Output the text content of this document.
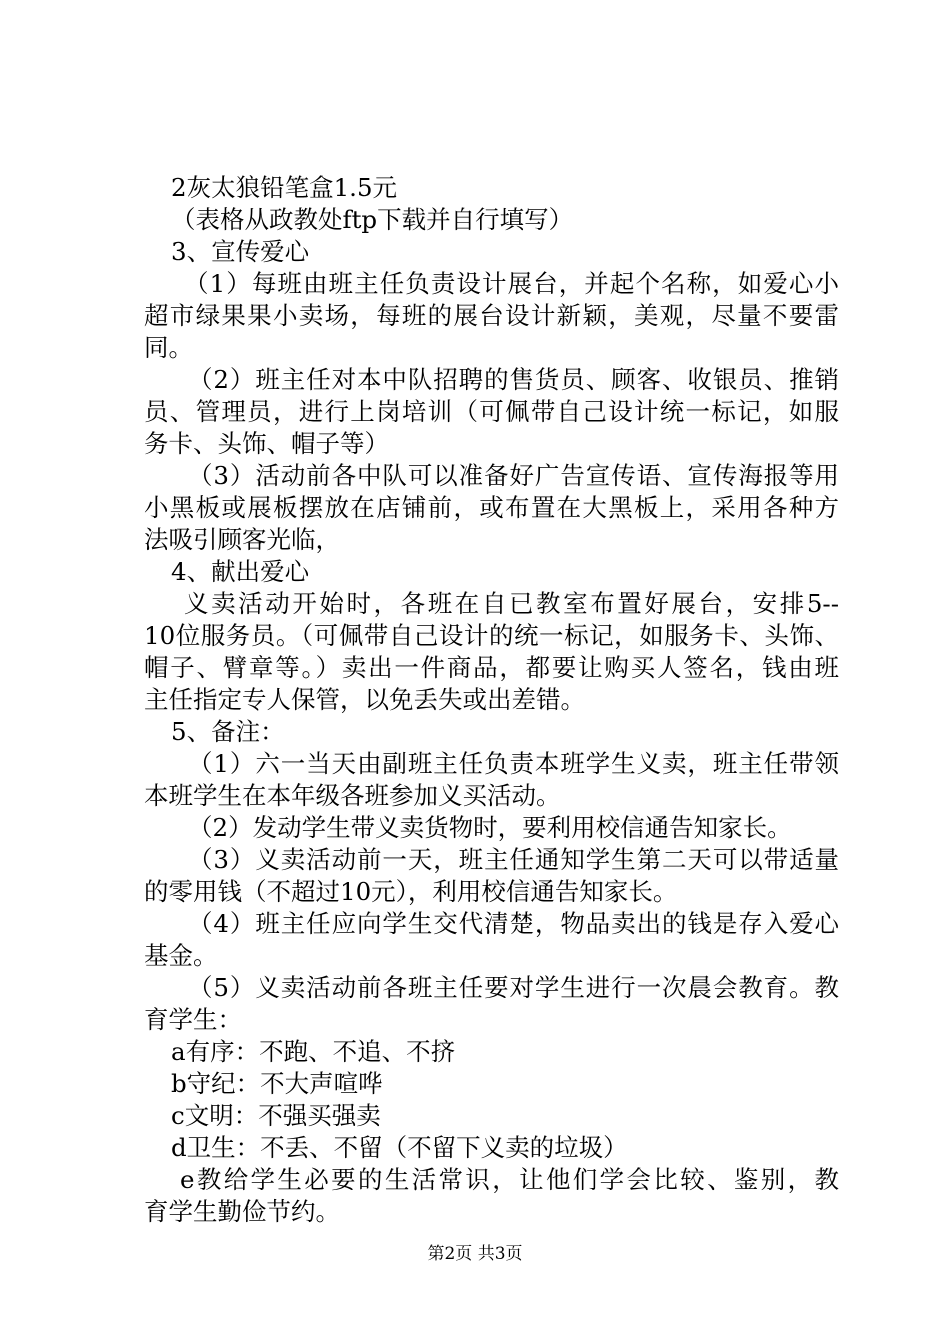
2灰太狼铅笔盒1.5元
（表格从政教处ftp下载并自行填写）
3、宣传爱心
（1）每班由班主任负责设计展台，并起个名称，如爱心小
超市绿果果小卖场，每班的展台设计新颖，美观，尽量不要雷
同。
（2）班主任对本中队招聘的售货员、顾客、收银员、推销
员、管理员，进行上岗培训（可佩带自己设计统一标记，如服
务卡、头饰、帽子等）
（3）活动前各中队可以准备好广告宣传语、宣传海报等用
小黑板或展板摆放在店铺前，或布置在大黑板上，采用各种方
法吸引顾客光临，
4、献出爱心
义卖活动开始时，各班在自已教室布置好展台，安排5--
10位服务员。（可佩带自己设计的统一标记，如服务卡、头饰、
帽子、臂章等。）卖出一件商品，都要让购买人签名，钱由班
主任指定专人保管，以免丢失或出差错。
5、备注：
（1）六一当天由副班主任负责本班学生义卖，班主任带领
本班学生在本年级各班参加义买活动。
（2）发动学生带义卖货物时，要利用校信通告知家长。
（3）义卖活动前一天，班主任通知学生第二天可以带适量
的零用钱（不超过10元），利用校信通告知家长。
（4）班主任应向学生交代清楚，物品卖出的钱是存入爱心
基金。
（5）义卖活动前各班主任要对学生进行一次晨会教育。教
育学生：
a有序：不跑、不追、不挤
b守纪：不大声喧哗
c文明：不强买强卖
d卫生：不丢、不留（不留下义卖的垃圾）
e教给学生必要的生活常识，让他们学会比较、鉴别，教
育学生勤俭节约。
第2页 共3页
